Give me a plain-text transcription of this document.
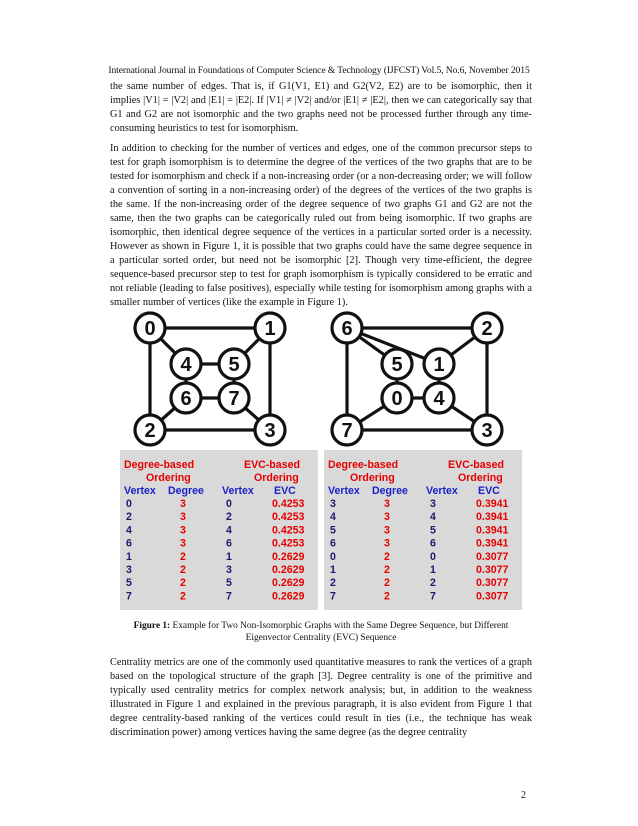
International Journal in Foundations of Computer Science & Technology (IJFCST) Vol.5, No.6, November 2015

the same number of edges. That is, if G1(V1, E1) and G2(V2, E2) are to be isomorphic, then it implies |V1| = |V2| and |E1| = |E2|. If |V1| ≠ |V2| and/or |E1| ≠ |E2|, then we can categorically say that G1 and G2 are not isomorphic and the two graphs need not be processed further through any time-consuming heuristics to test for isomorphism.

In addition to checking for the number of vertices and edges, one of the common precursor steps to test for graph isomorphism is to determine the degree of the vertices of the two graphs that are to be tested for isomorphism and check if a non-increasing order (or a non-decreasing order; we will follow a convention of sorting in a non-increasing order) of the degrees of the vertices of the two graphs is the same. If the non-increasing order of the degree sequence of two graphs G1 and G2 are not the same, then the two graphs can be categorically ruled out from being isomorphic. If two graphs are isomorphic, then identical degree sequence of the vertices in a particular sorted order is a necessity. However as shown in Figure 1, it is possible that two graphs could have the same degree sequence in a particular sorted order, but need not be isomorphic [2]. Though very time-efficient, the degree sequence-based precursor step to test for graph isomorphism is typically considered to be erratic and not reliable (leading to false positives), especially while testing for isomorphism among graphs with a smaller number of vertices (like the example in Figure 1).

0	1
2	3
4 5
6 7
6	2
7	3
5 1
0 4
Degree-based
Ordering
EVC-based
Ordering
Vertex Degree Vertex EVC
0	3	0	0.4253
2	3	2	0.4253
4	3	4	0.4253
6	3	6	0.4253
1	2	1	0.2629
3	2	3	0.2629
5	2	5	0.2629
7	2	7	0.2629
Degree-based
Ordering
EVC-based
Ordering
Vertex Degree Vertex EVC
3	3	3	0.3941
4	3	4	0.3941
5	3	5	0.3941
6	3	6	0.3941
0	2	0	0.3077
1	2	1	0.3077
2	2	2	0.3077
7	2	7	0.3077
Figure 1: Example for Two Non-Isomorphic Graphs with the Same Degree Sequence, but Different Eigenvector Centrality (EVC) Sequence

Centrality metrics are one of the commonly used quantitative measures to rank the vertices of a graph based on the topological structure of the graph [3]. Degree centrality is one of the primitive and typically used centrality metrics for complex network analysis; but, in addition to the weakness illustrated in Figure 1 and explained in the previous paragraph, it is also evident from Figure 1 that degree centrality-based ranking of the vertices could result in ties (i.e., the technique has weak discrimination power) among vertices having the same degree (as the degree centrality

2
